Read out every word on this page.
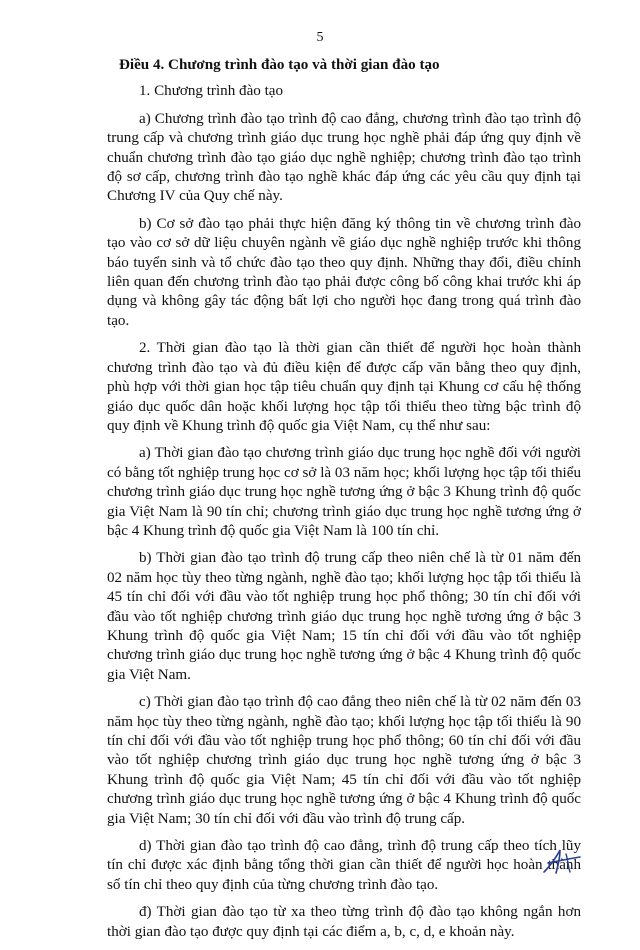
5
Điều 4. Chương trình đào tạo và thời gian đào tạo

1. Chương trình đào tạo

a) Chương trình đào tạo trình độ cao đẳng, chương trình đào tạo trình độ trung cấp và chương trình giáo dục trung học nghề phải đáp ứng quy định về chuẩn chương trình đào tạo giáo dục nghề nghiệp; chương trình đào tạo trình độ sơ cấp, chương trình đào tạo nghề khác đáp ứng các yêu cầu quy định tại Chương IV của Quy chế này.

b) Cơ sở đào tạo phải thực hiện đăng ký thông tin về chương trình đào tạo vào cơ sở dữ liệu chuyên ngành về giáo dục nghề nghiệp trước khi thông báo tuyển sinh và tổ chức đào tạo theo quy định. Những thay đổi, điều chỉnh liên quan đến chương trình đào tạo phải được công bố công khai trước khi áp dụng và không gây tác động bất lợi cho người học đang trong quá trình đào tạo.

2. Thời gian đào tạo là thời gian cần thiết để người học hoàn thành chương trình đào tạo và đủ điều kiện để được cấp văn bằng theo quy định, phù hợp với thời gian học tập tiêu chuẩn quy định tại Khung cơ cấu hệ thống giáo dục quốc dân hoặc khối lượng học tập tối thiểu theo từng bậc trình độ quy định về Khung trình độ quốc gia Việt Nam, cụ thể như sau:

a) Thời gian đào tạo chương trình giáo dục trung học nghề đối với người có bằng tốt nghiệp trung học cơ sở là 03 năm học; khối lượng học tập tối thiểu chương trình giáo dục trung học nghề tương ứng ở bậc 3 Khung trình độ quốc gia Việt Nam là 90 tín chỉ; chương trình giáo dục trung học nghề tương ứng ở bậc 4 Khung trình độ quốc gia Việt Nam là 100 tín chỉ.

b) Thời gian đào tạo trình độ trung cấp theo niên chế là từ 01 năm đến 02 năm học tùy theo từng ngành, nghề đào tạo; khối lượng học tập tối thiểu là 45 tín chỉ đối với đầu vào tốt nghiệp trung học phổ thông; 30 tín chỉ đối với đầu vào tốt nghiệp chương trình giáo dục trung học nghề tương ứng ở bậc 3 Khung trình độ quốc gia Việt Nam; 15 tín chỉ đối với đầu vào tốt nghiệp chương trình giáo dục trung học nghề tương ứng ở bậc 4 Khung trình độ quốc gia Việt Nam.

c) Thời gian đào tạo trình độ cao đẳng theo niên chế là từ 02 năm đến 03 năm học tùy theo từng ngành, nghề đào tạo; khối lượng học tập tối thiểu là 90 tín chỉ đối với đầu vào tốt nghiệp trung học phổ thông; 60 tín chỉ đối với đầu vào tốt nghiệp chương trình giáo dục trung học nghề tương ứng ở bậc 3 Khung trình độ quốc gia Việt Nam; 45 tín chỉ đối với đầu vào tốt nghiệp chương trình giáo dục trung học nghề tương ứng ở bậc 4 Khung trình độ quốc gia Việt Nam; 30 tín chỉ đối với đầu vào trình độ trung cấp.

d) Thời gian đào tạo trình độ cao đẳng, trình độ trung cấp theo tích lũy tín chỉ được xác định bằng tổng thời gian cần thiết để người học hoàn thành số tín chỉ theo quy định của từng chương trình đào tạo.

đ) Thời gian đào tạo từ xa theo từng trình độ đào tạo không ngắn hơn thời gian đào tạo được quy định tại các điểm a, b, c, d, e khoản này.
